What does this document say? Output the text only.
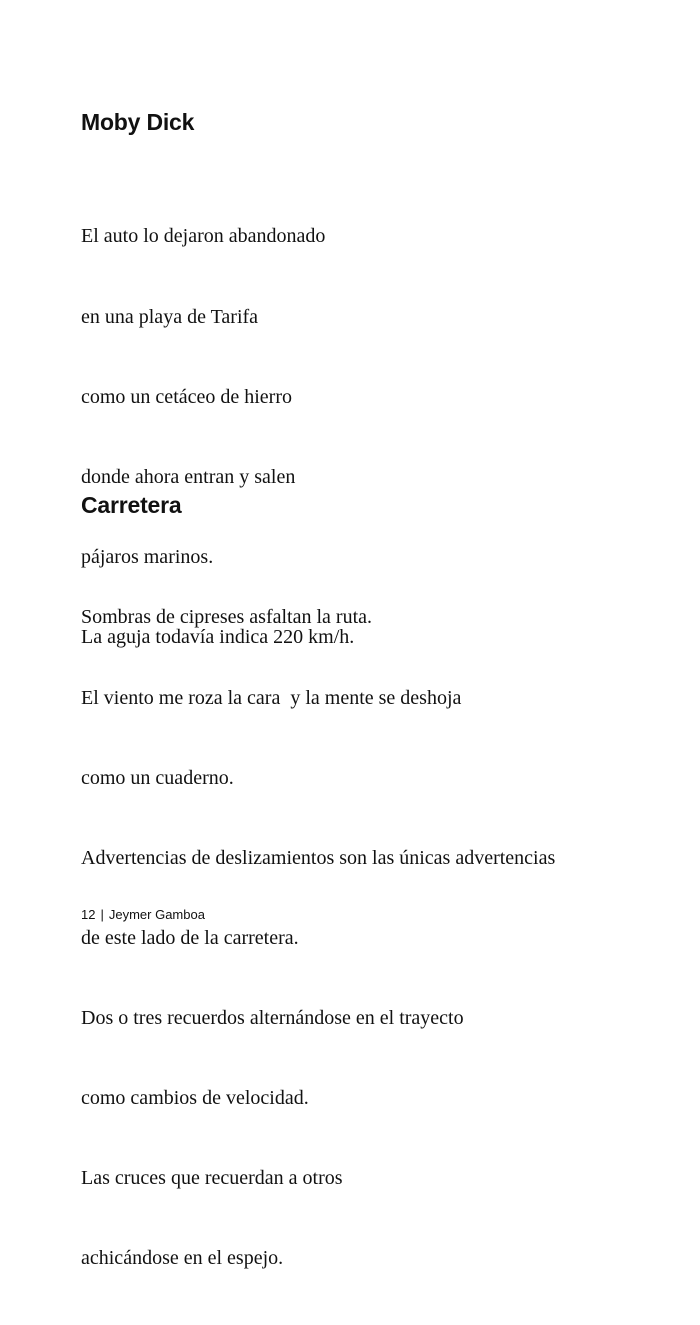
Moby Dick

El auto lo dejaron abandonado

en una playa de Tarifa

como un cetáceo de hierro

donde ahora entran y salen

pájaros marinos.

La aguja todavía indica 220 km/h.

Carretera

Sombras de cipreses asfaltan la ruta.

El viento me roza la cara  y la mente se deshoja

como un cuaderno.

Advertencias de deslizamientos son las únicas advertencias

de este lado de la carretera.

Dos o tres recuerdos alternándose en el trayecto

como cambios de velocidad.

Las cruces que recuerdan a otros

achicándose en el espejo.

12 | Jeymer Gamboa
